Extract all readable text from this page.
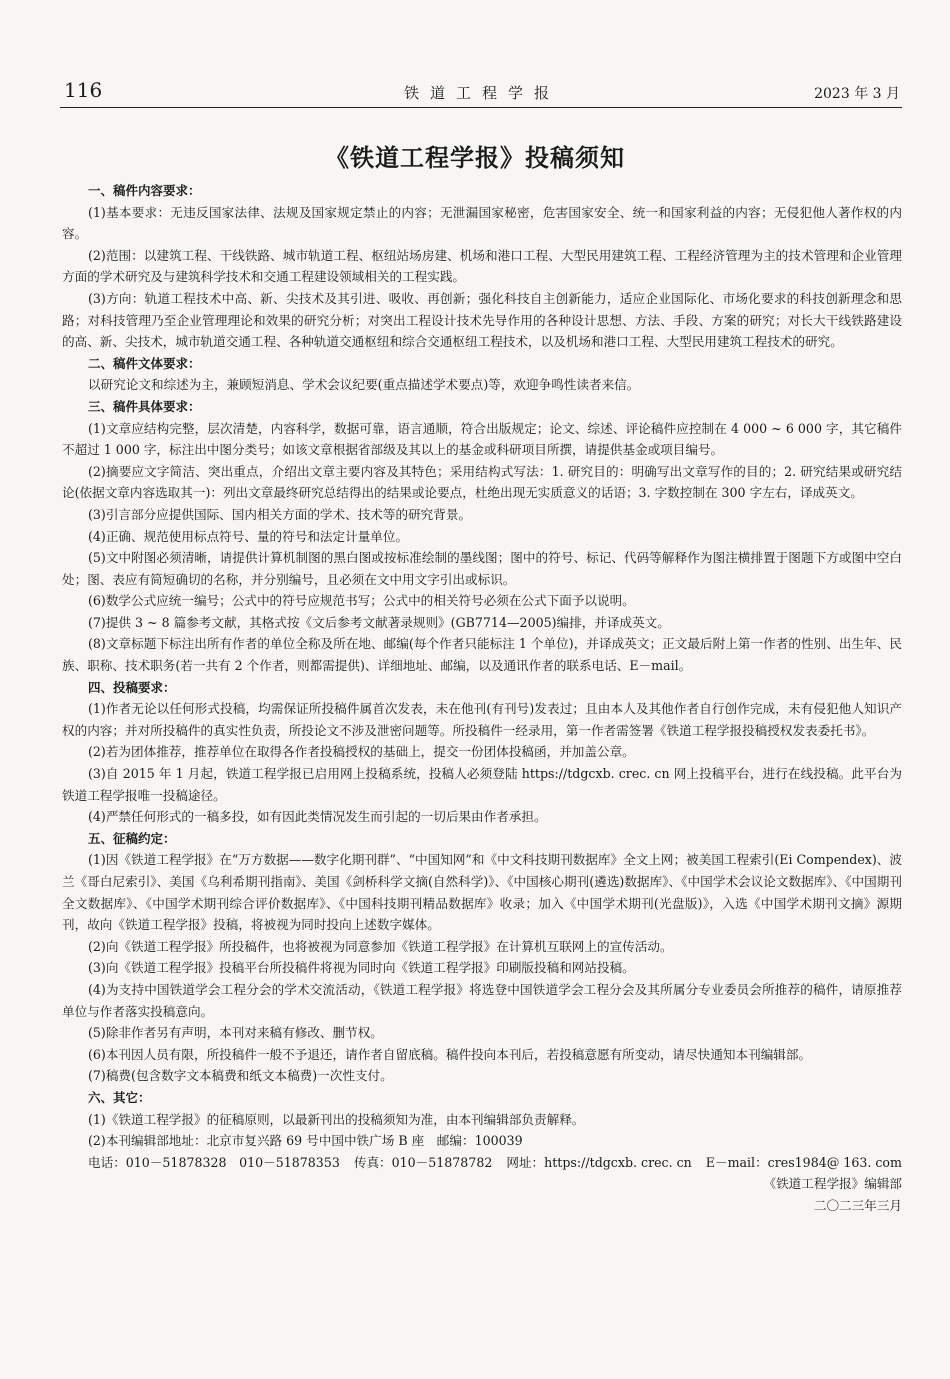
116	铁道工程学报	2023 年 3 月
《铁道工程学报》投稿须知

一、稿件内容要求：

(1)基本要求：无违反国家法律、法规及国家规定禁止的内容；无泄漏国家秘密，危害国家安全、统一和国家利益的内容；无侵犯他人著作权的内容。

(2)范围：以建筑工程、干线铁路、城市轨道工程、枢纽站场房建、机场和港口工程、大型民用建筑工程、工程经济管理为主的技术管理和企业管理方面的学术研究及与建筑科学技术和交通工程建设领域相关的工程实践。

(3)方向：轨道工程技术中高、新、尖技术及其引进、吸收、再创新；强化科技自主创新能力，适应企业国际化、市场化要求的科技创新理念和思路；对科技管理乃至企业管理理论和效果的研究分析；对突出工程设计技术先导作用的各种设计思想、方法、手段、方案的研究；对长大干线铁路建设的高、新、尖技术，城市轨道交通工程、各种轨道交通枢纽和综合交通枢纽工程技术，以及机场和港口工程、大型民用建筑工程技术的研究。

二、稿件文体要求：

以研究论文和综述为主，兼顾短消息、学术会议纪要(重点描述学术要点)等，欢迎争鸣性读者来信。

三、稿件具体要求：

(1)文章应结构完整，层次清楚，内容科学，数据可靠，语言通顺，符合出版规定；论文、综述、评论稿件应控制在 4 000 ~ 6 000 字，其它稿件不超过 1 000 字，标注出中图分类号；如该文章根据省部级及其以上的基金或科研项目所撰，请提供基金或项目编号。

(2)摘要应文字简洁、突出重点，介绍出文章主要内容及其特色；采用结构式写法：1. 研究目的：明确写出文章写作的目的；2. 研究结果或研究结论(依据文章内容选取其一)：列出文章最终研究总结得出的结果或论要点，杜绝出现无实质意义的话语；3. 字数控制在 300 字左右，译成英文。

(3)引言部分应提供国际、国内相关方面的学术、技术等的研究背景。

(4)正确、规范使用标点符号、量的符号和法定计量单位。

(5)文中附图必须清晰，请提供计算机制图的黑白图或按标准绘制的墨线图；图中的符号、标记、代码等解释作为图注横排置于图题下方或图中空白处；图、表应有简短确切的名称，并分别编号，且必须在文中用文字引出或标识。

(6)数学公式应统一编号；公式中的符号应规范书写；公式中的相关符号必须在公式下面予以说明。

(7)提供 3 ~ 8 篇参考文献，其格式按《文后参考文献著录规则》(GB7714—2005)编排，并译成英文。

(8)文章标题下标注出所有作者的单位全称及所在地、邮编(每个作者只能标注 1 个单位)，并译成英文；正文最后附上第一作者的性别、出生年、民族、职称、技术职务(若一共有 2 个作者，则都需提供)、详细地址、邮编，以及通讯作者的联系电话、E－mail。

四、投稿要求：

(1)作者无论以任何形式投稿，均需保证所投稿件属首次发表，未在他刊(有刊号)发表过；且由本人及其他作者自行创作完成，未有侵犯他人知识产权的内容；并对所投稿件的真实性负责，所投论文不涉及泄密问题等。所投稿件一经录用，第一作者需签署《铁道工程学报投稿授权发表委托书》。

(2)若为团体推荐，推荐单位在取得各作者投稿授权的基础上，提交一份团体投稿函，并加盖公章。

(3)自 2015 年 1 月起，铁道工程学报已启用网上投稿系统，投稿人必须登陆 https://tdgcxb. crec. cn 网上投稿平台，进行在线投稿。此平台为铁道工程学报唯一投稿途径。

(4)严禁任何形式的一稿多投，如有因此类情况发生而引起的一切后果由作者承担。

五、征稿约定：

(1)因《铁道工程学报》在“万方数据——数字化期刊群”、“中国知网”和《中文科技期刊数据库》全文上网；被美国工程索引(Ei Compendex)、波兰《哥白尼索引》、美国《乌利希期刊指南》、美国《剑桥科学文摘(自然科学)》、《中国核心期刊(遴选)数据库》、《中国学术会议论文数据库》、《中国期刊全文数据库》、《中国学术期刊综合评价数据库》、《中国科技期刊精品数据库》收录；加入《中国学术期刊(光盘版)》，入选《中国学术期刊文摘》源期刊，故向《铁道工程学报》投稿，将被视为同时投向上述数字媒体。

(2)向《铁道工程学报》所投稿件，也将被视为同意参加《铁道工程学报》在计算机互联网上的宣传活动。

(3)向《铁道工程学报》投稿平台所投稿件将视为同时向《铁道工程学报》印刷版投稿和网站投稿。

(4)为支持中国铁道学会工程分会的学术交流活动，《铁道工程学报》将选登中国铁道学会工程分会及其所属分专业委员会所推荐的稿件，请原推荐单位与作者落实投稿意向。

(5)除非作者另有声明，本刊对来稿有修改、删节权。

(6)本刊因人员有限，所投稿件一般不予退还，请作者自留底稿。稿件投向本刊后，若投稿意愿有所变动，请尽快通知本刊编辑部。

(7)稿费(包含数字文本稿费和纸文本稿费)一次性支付。

六、其它：

(1)《铁道工程学报》的征稿原则，以最新刊出的投稿须知为准，由本刊编辑部负责解释。

(2)本刊编辑部地址：北京市复兴路 69 号中国中铁广场 B 座　邮编：100039

电话：010－51878328　010－51878353 传真：010－51878782 网址：https://tdgcxb. crec. cn E－mail：cres1984@ 163. com

《铁道工程学报》编辑部

二〇二三年三月
